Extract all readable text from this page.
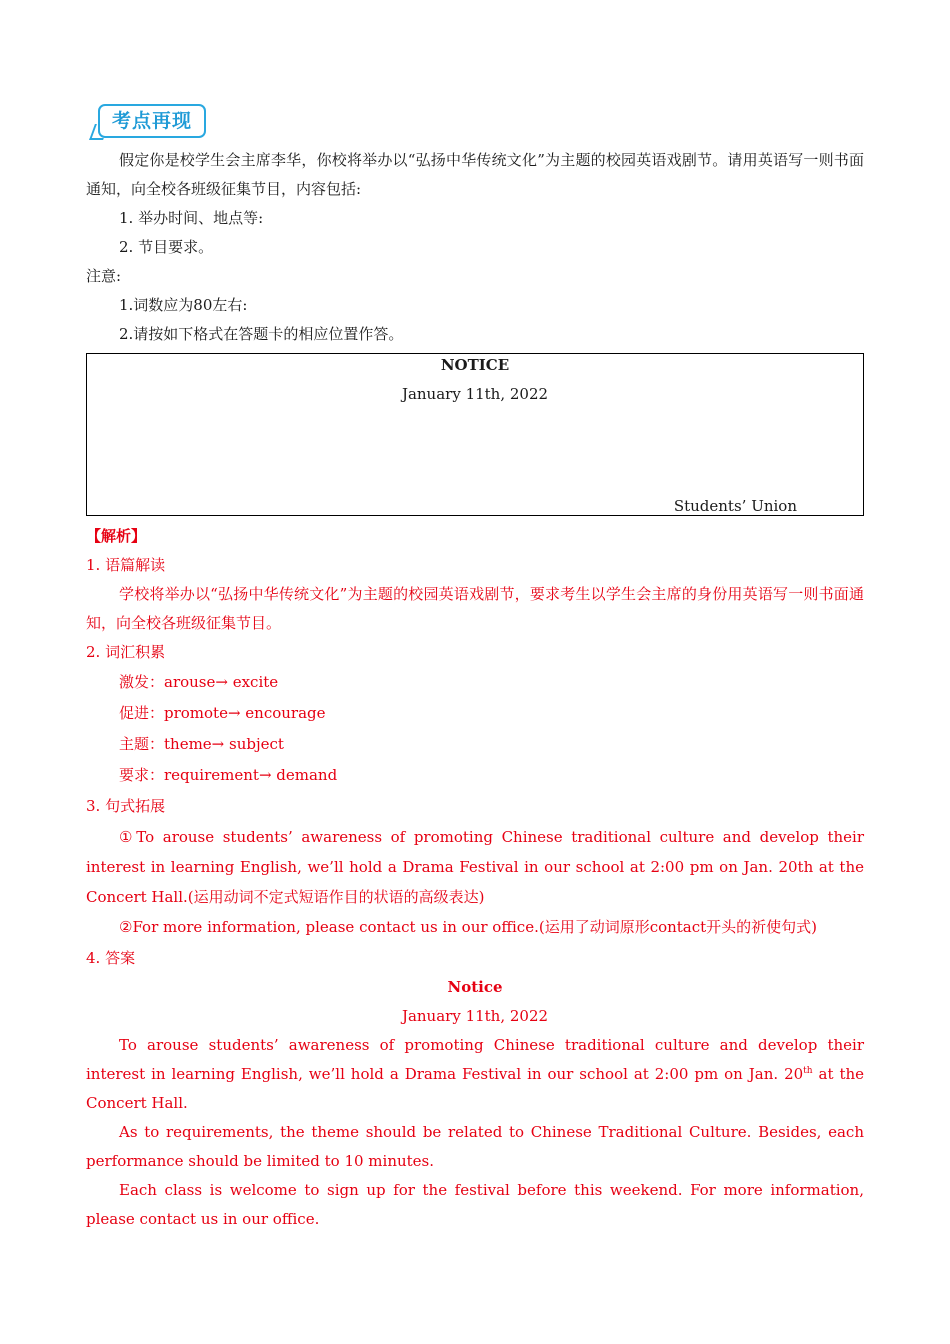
考点再现

假定你是校学生会主席李华，你校将举办以“弘扬中华传统文化”为主题的校园英语戏剧节。请用英语写一则书面通知，向全校各班级征集节目，内容包括:

1. 举办时间、地点等:

2. 节目要求。

注意:

1.词数应为80左右:

2.请按如下格式在答题卡的相应位置作答。

NOTICE

January 11th, 2022

Students’ Union

【解析】

1. 语篇解读

学校将举办以“弘扬中华传统文化”为主题的校园英语戏剧节，要求考生以学生会主席的身份用英语写一则书面通知，向全校各班级征集节目。

2. 词汇积累

激发：arouse→ excite

促进：promote→ encourage

主题：theme→ subject

要求：requirement→ demand

3. 句式拓展

①To arouse students’ awareness of promoting Chinese traditional culture and develop their interest in learning English, we’ll hold a Drama Festival in our school at 2:00 pm on Jan. 20th at the Concert Hall.(运用动词不定式短语作目的状语的高级表达)

②For more information, please contact us in our office.(运用了动词原形contact开头的祈使句式)

4. 答案

Notice

January 11th, 2022

To arouse students’ awareness of promoting Chinese traditional culture and develop their interest in learning English, we’ll hold a Drama Festival in our school at 2:00 pm on Jan. 20th at the Concert Hall.

As to requirements, the theme should be related to Chinese Traditional Culture. Besides, each performance should be limited to 10 minutes.

Each class is welcome to sign up for the festival before this weekend. For more information, please contact us in our office.
